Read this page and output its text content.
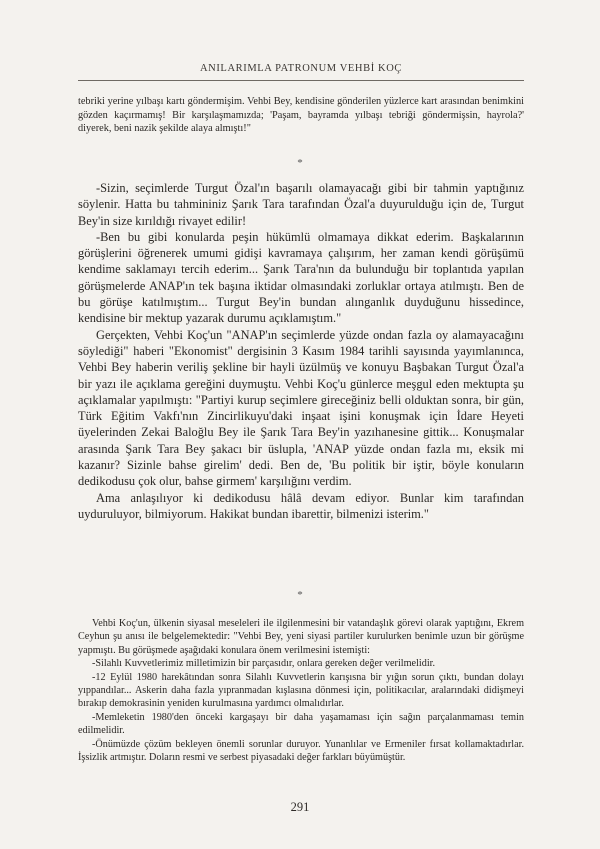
ANILARIMLA PATRONUM VEHBİ KOÇ

tebriki yerine yılbaşı kartı göndermişim. Vehbi Bey, kendisine gönderilen yüzlerce kart arasından benimkini gözden kaçırmamış! Bir karşılaşmamızda; 'Paşam, bayramda yılbaşı tebriği göndermişsin, hayrola?' diyerek, beni nazik şekilde alaya almıştı!"

*

-Sizin, seçimlerde Turgut Özal'ın başarılı olamayacağı gibi bir tahmin yaptığınız söylenir. Hatta bu tahmininiz Şarık Tara tarafından Özal'a duyurulduğu için de, Turgut Bey'in size kırıldığı rivayet edilir!

-Ben bu gibi konularda peşin hükümlü olmamaya dikkat ederim. Başkalarının görüşlerini öğrenerek umumi gidişi kavramaya çalışırım, her zaman kendi görüşümü kendime saklamayı tercih ederim... Şarık Tara'nın da bulunduğu bir toplantıda yapılan görüşmelerde ANAP'ın tek başına iktidar olmasındaki zorluklar ortaya atılmıştı. Ben de bu görüşe katılmıştım... Turgut Bey'in bundan alınganlık duyduğunu hissedince, kendisine bir mektup yazarak durumu açıklamıştım."

Gerçekten, Vehbi Koç'un "ANAP'ın seçimlerde yüzde ondan fazla oy alamayacağını söylediği" haberi "Ekonomist" dergisinin 3 Kasım 1984 tarihli sayısında yayımlanınca, Vehbi Bey haberin veriliş şekline bir hayli üzülmüş ve konuyu Başbakan Turgut Özal'a bir yazı ile açıklama gereğini duymuştu. Vehbi Koç'u günlerce meşgul eden mektupta şu açıklamalar yapılmıştı: "Partiyi kurup seçimlere gireceğiniz belli olduktan sonra, bir gün, Türk Eğitim Vakfı'nın Zincirlikuyu'daki inşaat işini konuşmak için İdare Heyeti üyelerinden Zekai Baloğlu Bey ile Şarık Tara Bey'in yazıhanesine gittik... Konuşmalar arasında Şarık Tara Bey şakacı bir üslupla, 'ANAP yüzde ondan fazla mı, eksik mi kazanır? Sizinle bahse girelim' dedi. Ben de, 'Bu politik bir iştir, böyle konuların dedikodusu çok olur, bahse girmem' karşılığını verdim.

Ama anlaşılıyor ki dedikodusu hâlâ devam ediyor. Bunlar kim tarafından uyduruluyor, bilmiyorum. Hakikat bundan ibarettir, bilmenizi isterim."

*

Vehbi Koç'un, ülkenin siyasal meseleleri ile ilgilenmesini bir vatandaşlık görevi olarak yaptığını, Ekrem Ceyhun şu anısı ile belgelemektedir: "Vehbi Bey, yeni siyasi partiler kurulurken benimle uzun bir görüşme yapmıştı. Bu görüşmede aşağıdaki konulara önem verilmesini istemişti:

-Silahlı Kuvvetlerimiz milletimizin bir parçasıdır, onlara gereken değer verilmelidir.

-12 Eylül 1980 harekâtından sonra Silahlı Kuvvetlerin karışısna bir yığın sorun çıktı, bundan dolayı yıpрandılar... Askerin daha fazla yıpranmadan kışlasına dönmesi için, politikacılar, aralarındaki didişmeyi bırakıp demokrasinin yeniden kurulmasına yardımcı olmalıdırlar.

-Memleketin 1980'den önceki kargaşayı bir daha yaşamaması için sağın parçalanmaması temin edilmelidir.

-Önümüzde çözüm bekleyen önemli sorunlar duruyor. Yunanlılar ve Ermeniler fırsat kollamaktadırlar. İşsizlik artmıştır. Doların resmi ve serbest piyasadaki değer farkları büyümüştür.

291
